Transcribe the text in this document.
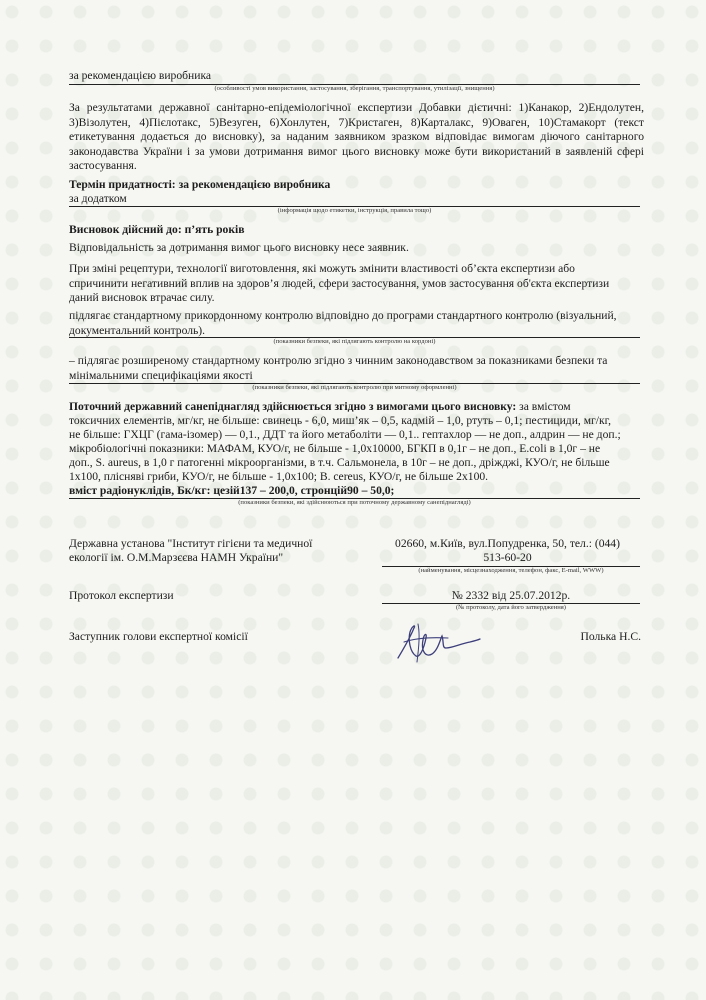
за рекомендацією виробника
(особливості умов використання, застосування, зберігання, транспортування, утилізації, знищення)
За результатами державної санітарно-епідеміологічної експертизи Добавки дієтичні: 1)Канакор, 2)Ендолутен, 3)Візолутен, 4)Пієлотакс, 5)Везуген, 6)Хонлутен, 7)Кристаген, 8)Карталакс, 9)Оваген, 10)Стамакорт (текст етикетування додається до висновку), за наданим заявником зразком відповідає вимогам діючого санітарного законодавства України і за умови дотримання вимог цього висновку може бути використаний в заявленій сфері застосування.
Термін придатності: за рекомендацією виробника
за додатком
(інформація щодо етикетки, інструкція, правила тощо)
Висновок дійсний до: п’ять років
Відповідальність за дотримання вимог цього висновку несе заявник.
При зміні рецептури, технології виготовлення, які можуть змінити властивості об’єкта експертизи або спричинити негативний вплив на здоров’я людей, сфери застосування, умов застосування об'єкта експертизи даний висновок втрачає силу.
підлягає стандартному прикордонному контролю відповідно до програми стандартного контролю (візуальний, документальний контроль).
(показники безпеки, які підлягають контролю на кордоні)
– підлягає розширеному стандартному контролю згідно з чинним законодавством за показниками безпеки та мінімальними специфікаціями якості
(показники безпеки, які підлягають контролю при митному оформленні)
Поточний державний санепіднагляд здійснюється згідно з вимогами цього висновку: за вмістом
токсичних елементів, мг/кг, не більше: свинець - 6,0, миш’як – 0,5, кадмій – 1,0, ртуть – 0,1; пестициди, мг/кг,
не більше: ГХЦГ (гама-ізомер) — 0,1., ДДТ та його метаболіти — 0,1.. гептахлор — не доп., алдрин — не доп.;
мікробіологічні показники: МАФАМ, КУО/г, не більше - 1,0х10000, БГКП в 0,1г – не доп., E.coli в 1,0г – не
доп., S. aureus, в 1,0 г патогенні мікроорганізми, в т.ч. Сальмонела, в 10г – не доп., дріжджі, КУО/г, не більше
1х100, плісняві гриби, КУО/г, не більше - 1,0х100; B. cereus, КУО/г, не більше 2х100.
вміст радіонуклідів, Бк/кг: цезій137 – 200,0, стронцій90 – 50,0;
(показники безпеки, які здійснюються при поточному державному санепіднагляді)
Державна установа "Інститут гігієни та медичної
екології ім. О.М.Марзєєва НАМН України"
02660, м.Київ, вул.Попудренка, 50, тел.: (044)
513-60-20
(найменування, місцезнаходження, телефон, факс, E-mail, WWW)
Протокол експертизи	№ 2332 від 25.07.2012р.
(№ протоколу, дата його затвердження)
Заступник голови експертної комісії	Полька Н.С.
